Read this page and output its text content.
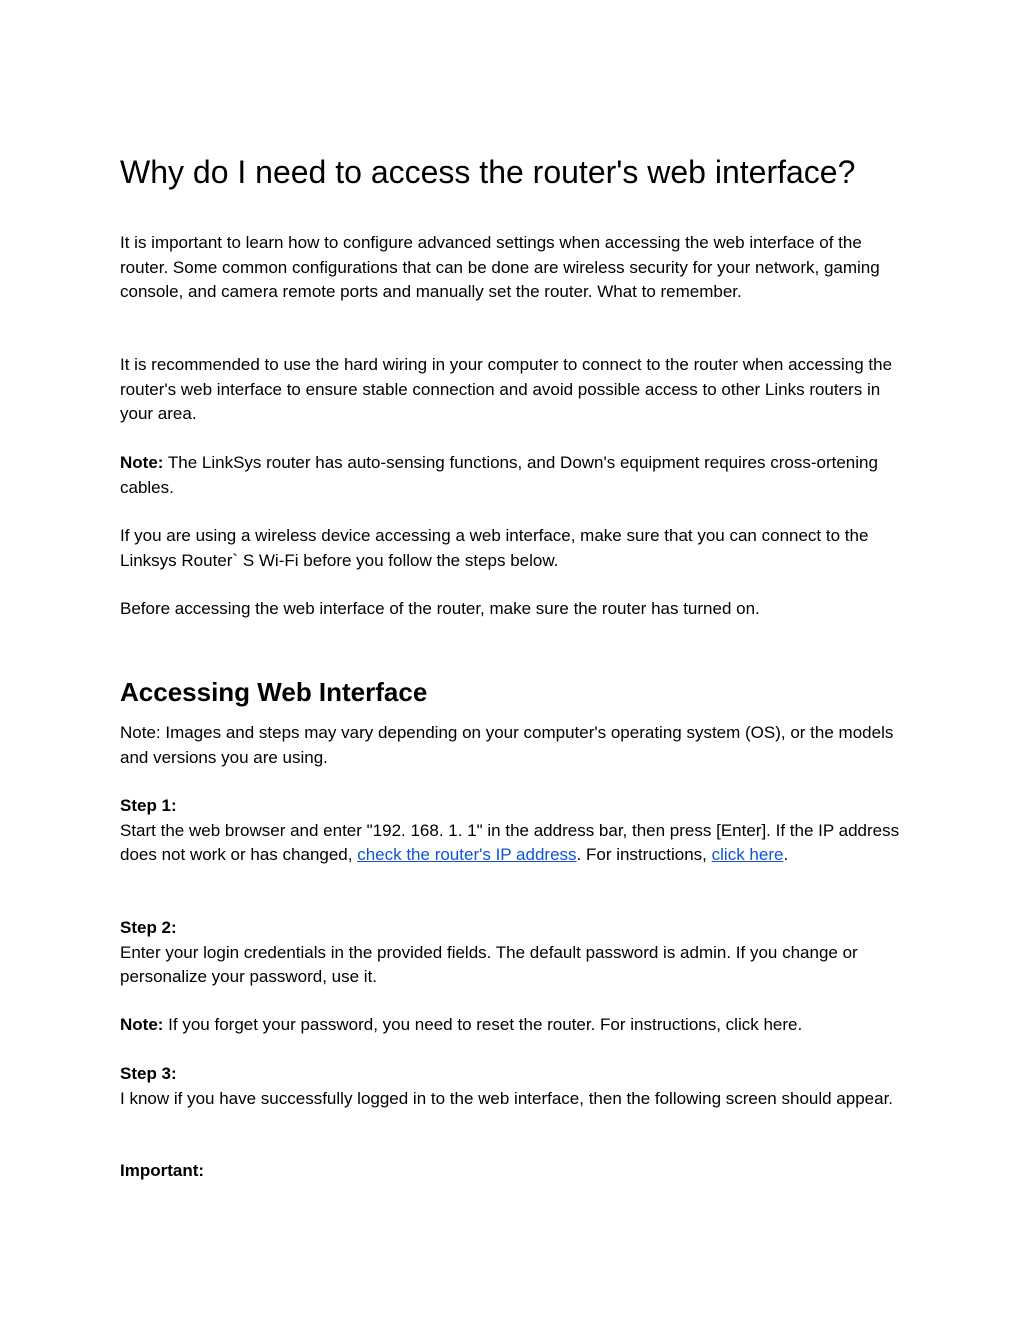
Why do I need to access the router's web interface?

It is important to learn how to configure advanced settings when accessing the web interface of the router. Some common configurations that can be done are wireless security for your network, gaming console, and camera remote ports and manually set the router. What to remember.

It is recommended to use the hard wiring in your computer to connect to the router when accessing the router's web interface to ensure stable connection and avoid possible access to other Links routers in your area.

Note: The LinkSys router has auto-sensing functions, and Down's equipment requires cross-ortening cables.

If you are using a wireless device accessing a web interface, make sure that you can connect to the Linksys Router` S Wi-Fi before you follow the steps below.

Before accessing the web interface of the router, make sure the router has turned on.

Accessing Web Interface

Note: Images and steps may vary depending on your computer's operating system (OS), or the models and versions you are using.

Step 1:
Start the web browser and enter "192. 168. 1. 1" in the address bar, then press [Enter]. If the IP address does not work or has changed, check the router's IP address. For instructions, click here.

Step 2:
Enter your login credentials in the provided fields. The default password is admin. If you change or personalize your password, use it.

Note: If you forget your password, you need to reset the router. For instructions, click here.

Step 3:
I know if you have successfully logged in to the web interface, then the following screen should appear.

Important:
